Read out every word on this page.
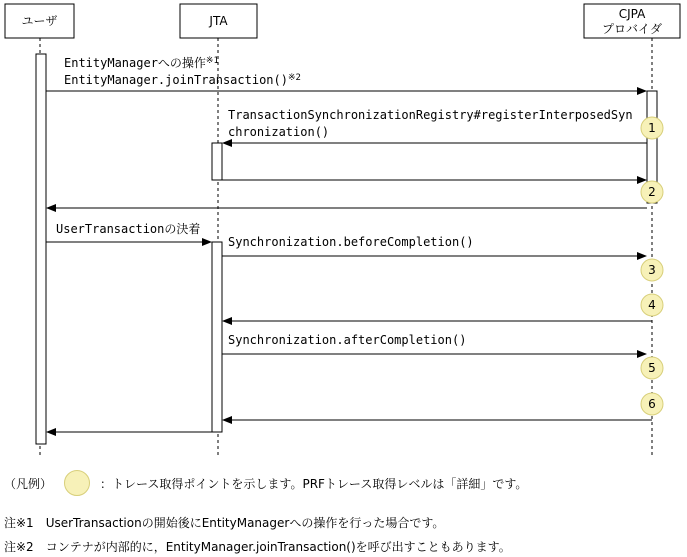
ユーザ	JTA	CJPA
プロバイダ
EntityManagerへの操作$^{※1}$
EntityManager.joinTransaction()$^{※2}$
TransactionSynchronizationRegistry#registerInterposedSyn
chronization()
UserTransactionの決着
Synchronization.beforeCompletion()
Synchronization.afterCompletion()
1
2
3
4
5
6
（凡例）	：トレース取得ポイントを示します。PRFトレース取得レベルは「詳細」です。
注※1　UserTransactionの開始後にEntityManagerへの操作を行った場合です。
注※2　コンテナが内部的に，EntityManager.joinTransaction()を呼び出すこともあります。
